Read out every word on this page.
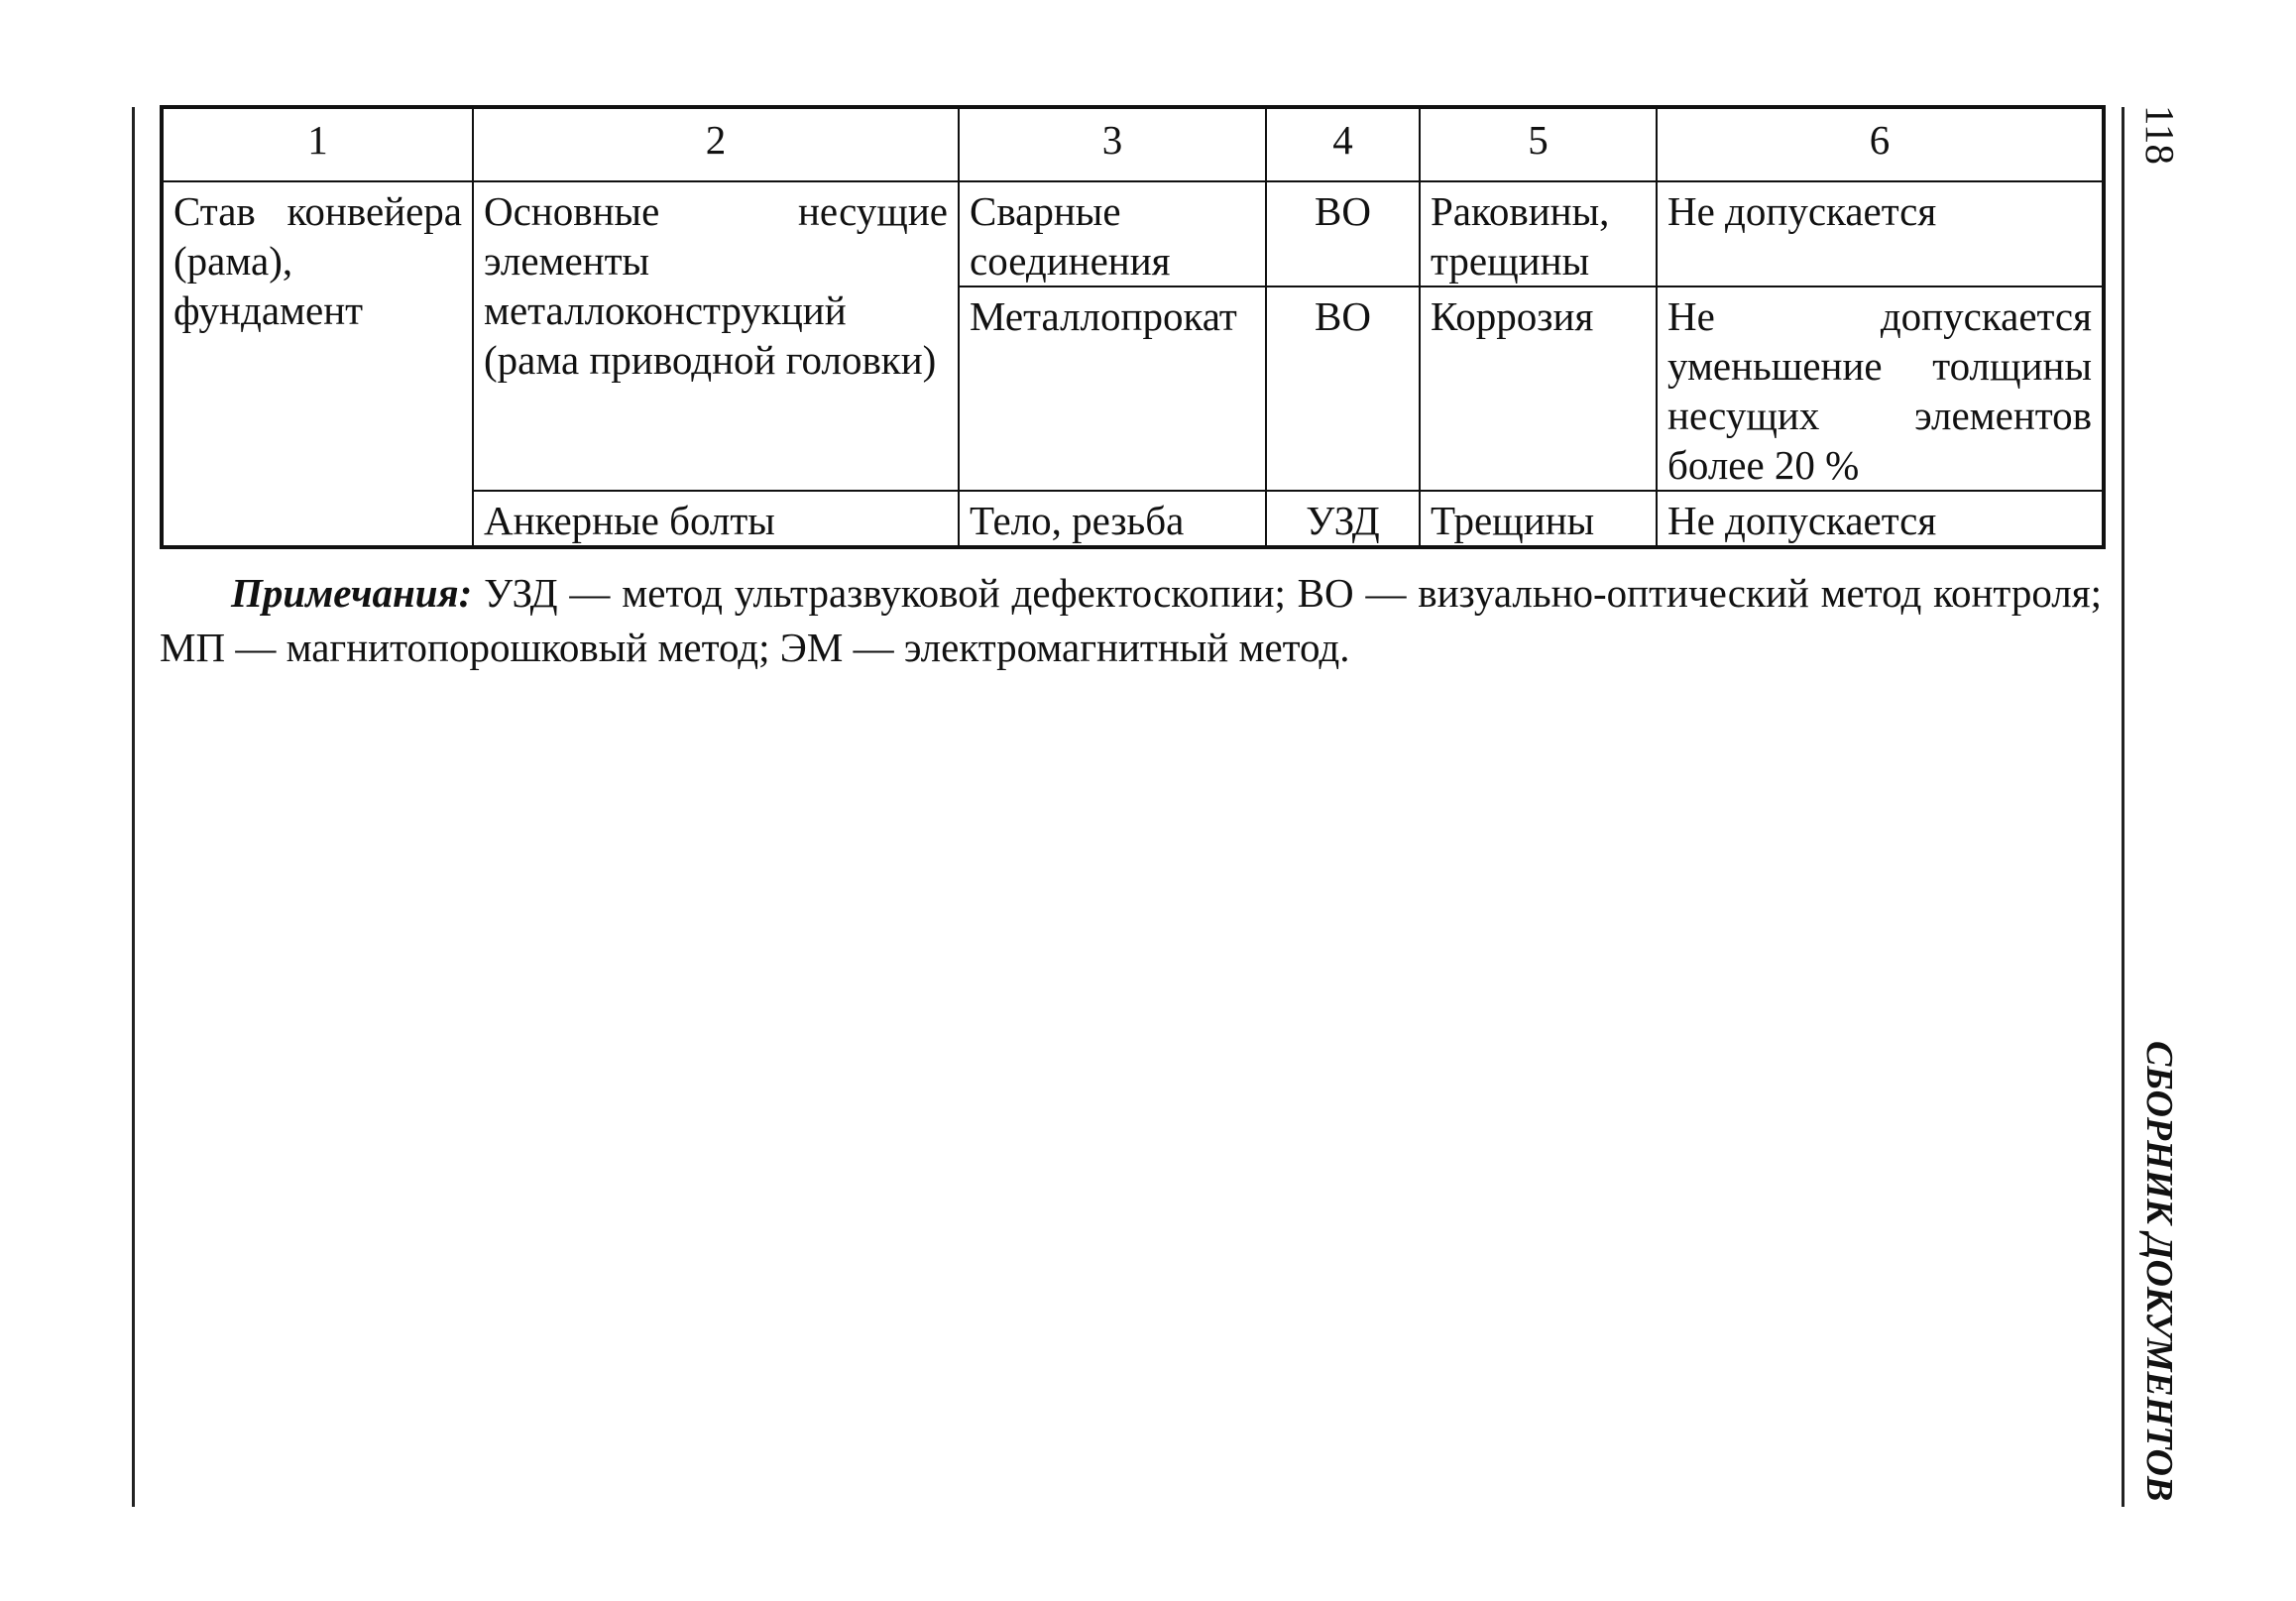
1	2	3	4	5	6
Став конвейера (рама), фундамент	Основные несущие элементы металлоконструкций (рама приводной головки)	Сварные соединения	ВО	Раковины, трещины	Не допускается
		Металлопрокат	ВО	Коррозия	Не допускается уменьшение толщины несущих элементов более 20 %
	Анкерные болты	Тело, резьба	УЗД	Трещины	Не допускается
Примечания: УЗД — метод ультразвуковой дефектоскопии; ВО — визуально-оптический метод контроля; МП — магнитопорошковый метод; ЭМ — электромагнитный метод.
118
СБОРНИК ДОКУМЕНТОВ
